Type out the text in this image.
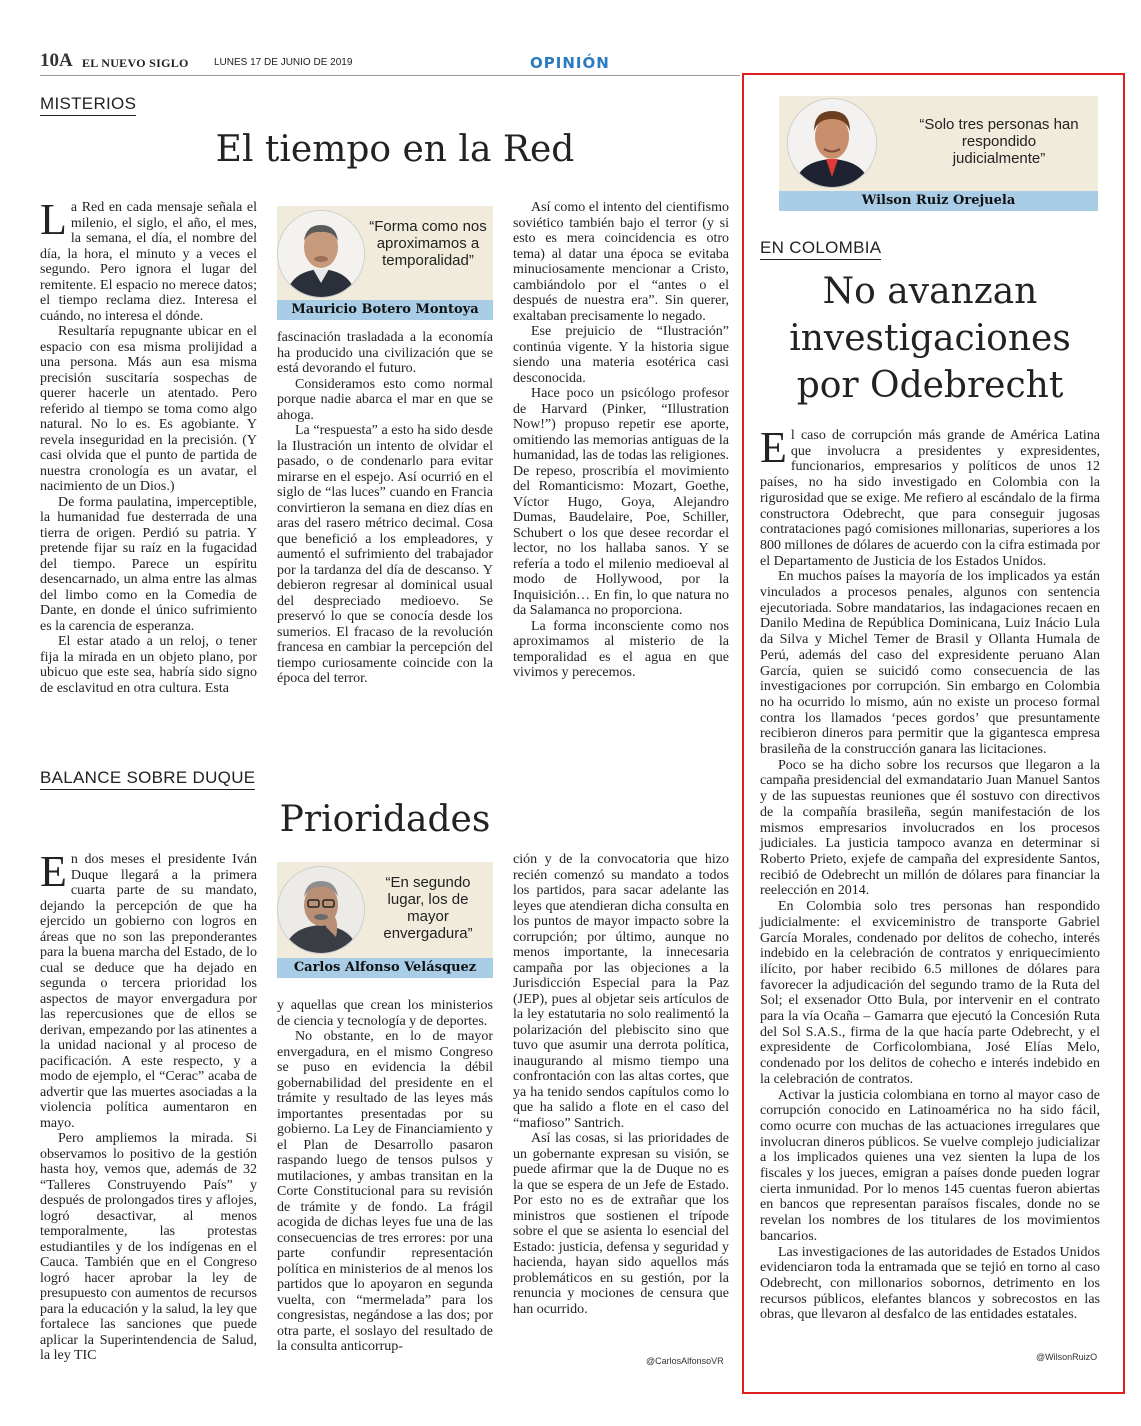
10A EL NUEVO SIGLO	LUNES 17 DE JUNIO DE 2019	OPINIÓN
MISTERIOS
El tiempo en la Red

La Red en cada mensaje señala el milenio, el siglo, el año, el mes, la semana, el día, el nombre del día, la hora, el minuto y a veces el segundo. Pero ignora el lugar del remitente. El espacio no merece datos; el tiempo reclama diez. Interesa el cuándo, no interesa el dónde.

Resultaría repugnante ubicar en el espacio con esa misma prolijidad a una persona. Más aun esa misma precisión suscitaría sospechas de querer hacerle un atentado. Pero referido al tiempo se toma como algo natural. No lo es. Es agobiante. Y revela inseguridad en la precisión. (Y casi olvida que el punto de partida de nuestra cronología es un avatar, el nacimiento de un Dios.)

De forma paulatina, imperceptible, la humanidad fue desterrada de una tierra de origen. Perdió su patria. Y pretende fijar su raíz en la fugacidad del tiempo. Parece un espíritu desencarnado, un alma entre las almas del limbo como en la Comedia de Dante, en donde el único sufrimiento es la carencia de esperanza.

El estar atado a un reloj, o tener fija la mirada en un objeto plano, por ubicuo que este sea, habría sido signo de esclavitud en otra cultura. Esta

“Forma como nos aproximamos a temporalidad”
Mauricio Botero Montoya

fascinación trasladada a la economía ha producido una civilización que se está devorando el futuro.

Consideramos esto como normal porque nadie abarca el mar en que se ahoga.

La “respuesta” a esto ha sido desde la Ilustración un intento de olvidar el pasado, o de condenarlo para evitar mirarse en el espejo. Así ocurrió en el siglo de “las luces” cuando en Francia convirtieron la semana en diez días en aras del rasero métrico decimal. Cosa que benefició a los empleadores, y aumentó el sufrimiento del trabajador por la tardanza del día de descanso. Y debieron regresar al dominical usual del despreciado medioevo. Se preservó lo que se conocía desde los sumerios. El fracaso de la revolución francesa en cambiar la percepción del tiempo curiosamente coincide con la época del terror.

Así como el intento del cientifismo soviético también bajo el terror (y si esto es mera coincidencia es otro tema) al datar una época se evitaba minuciosamente mencionar a Cristo, cambiándolo por el “antes o el después de nuestra era”. Sin querer, exaltaban precisamente lo negado.

Ese prejuicio de “Ilustración” continúa vigente. Y la historia sigue siendo una materia esotérica casi desconocida.

Hace poco un psicólogo profesor de Harvard (Pinker, “Illustration Now!”) propuso repetir ese aporte, omitiendo las memorias antiguas de la humanidad, las de todas las religiones. De repeso, proscribía el movimiento del Romanticismo: Mozart, Goethe, Víctor Hugo, Goya, Alejandro Dumas, Baudelaire, Poe, Schiller, Schubert o los que desee recordar el lector, no los hallaba sanos. Y se refería a todo el milenio medioeval al modo de Hollywood, por la Inquisición… En fin, lo que natura no da Salamanca no proporciona.

La forma inconsciente como nos aproximamos al misterio de la temporalidad es el agua en que vivimos y perecemos.

BALANCE SOBRE DUQUE
Prioridades

En dos meses el presidente Iván Duque llegará a la primera cuarta parte de su mandato, dejando la percepción de que ha ejercido un gobierno con logros en áreas que no son las preponderantes para la buena marcha del Estado, de lo cual se deduce que ha dejado en segunda o tercera prioridad los aspectos de mayor envergadura por las repercusiones que de ellos se derivan, empezando por las atinentes a la unidad nacional y al proceso de pacificación. A este respecto, y a modo de ejemplo, el “Cerac” acaba de advertir que las muertes asociadas a la violencia política aumentaron en mayo.

Pero ampliemos la mirada. Si observamos lo positivo de la gestión hasta hoy, vemos que, además de 32 “Talleres Construyendo País” y después de prolongados tires y aflojes, logró desactivar, al menos temporalmente, las protestas estudiantiles y de los indígenas en el Cauca. También que en el Congreso logró hacer aprobar la ley de presupuesto con aumentos de recursos para la educación y la salud, la ley que fortalece las sanciones que puede aplicar la Superintendencia de Salud, la ley TIC

“En segundo lugar, los de mayor envergadura”
Carlos Alfonso Velásquez

y aquellas que crean los ministerios de ciencia y tecnología y de deportes.

No obstante, en lo de mayor envergadura, en el mismo Congreso se puso en evidencia la débil gobernabilidad del presidente en el trámite y resultado de las leyes más importantes presentadas por su gobierno. La Ley de Financiamiento y el Plan de Desarrollo pasaron raspando luego de tensos pulsos y mutilaciones, y ambas transitan en la Corte Constitucional para su revisión de trámite y de fondo. La frágil acogida de dichas leyes fue una de las consecuencias de tres errores: por una parte confundir representación política en ministerios de al menos los partidos que lo apoyaron en segunda vuelta, con “mermelada” para los congresistas, negándose a las dos; por otra parte, el soslayo del resultado de la consulta anticorrup-

ción y de la convocatoria que hizo recién comenzó su mandato a todos los partidos, para sacar adelante las leyes que atendieran dicha consulta en los puntos de mayor impacto sobre la corrupción; por último, aunque no menos importante, la innecesaria campaña por las objeciones a la Jurisdicción Especial para la Paz (JEP), pues al objetar seis artículos de la ley estatutaria no solo realimentó la polarización del plebiscito sino que tuvo que asumir una derrota política, inaugurando al mismo tiempo una confrontación con las altas cortes, que ya ha tenido sendos capítulos como lo que ha salido a flote en el caso del “mafioso” Santrich.

Así las cosas, si las prioridades de un gobernante expresan su visión, se puede afirmar que la de Duque no es la que se espera de un Jefe de Estado. Por esto no es de extrañar que los ministros que sostienen el trípode sobre el que se asienta lo esencial del Estado: justicia, defensa y seguridad y hacienda, hayan sido aquellos más problemáticos en su gestión, por la renuncia y mociones de censura que han ocurrido.

@CarlosAlfonsoVR
“Solo tres personas han respondido judicialmente”
Wilson Ruiz Orejuela
EN COLOMBIA
No avanzan
investigaciones
por Odebrecht

El caso de corrupción más grande de América Latina que involucra a presidentes y expresidentes, funcionarios, empresarios y políticos de unos 12 países, no ha sido investigado en Colombia con la rigurosidad que se exige. Me refiero al escándalo de la firma constructora Odebrecht, que para conseguir jugosas contrataciones pagó comisiones millonarias, superiores a los 800 millones de dólares de acuerdo con la cifra estimada por el Departamento de Justicia de los Estados Unidos.

En muchos países la mayoría de los implicados ya están vinculados a procesos penales, algunos con sentencia ejecutoriada. Sobre mandatarios, las indagaciones recaen en Danilo Medina de República Dominicana, Luiz Inácio Lula da Silva y Michel Temer de Brasil y Ollanta Humala de Perú, además del caso del expresidente peruano Alan García, quien se suicidó como consecuencia de las investigaciones por corrupción. Sin embargo en Colombia no ha ocurrido lo mismo, aún no existe un proceso formal contra los llamados ‘peces gordos’ que presuntamente recibieron dineros para permitir que la gigantesca empresa brasileña de la construcción ganara las licitaciones.

Poco se ha dicho sobre los recursos que llegaron a la campaña presidencial del exmandatario Juan Manuel Santos y de las supuestas reuniones que él sostuvo con directivos de la compañía brasileña, según manifestación de los mismos empresarios involucrados en los procesos judiciales. La justicia tampoco avanza en determinar si Roberto Prieto, exjefe de campaña del expresidente Santos, recibió de Odebrecht un millón de dólares para financiar la reelección en 2014.

En Colombia solo tres personas han respondido judicialmente: el exviceministro de transporte Gabriel García Morales, condenado por delitos de cohecho, interés indebido en la celebración de contratos y enriquecimiento ilícito, por haber recibido 6.5 millones de dólares para favorecer la adjudicación del segundo tramo de la Ruta del Sol; el exsenador Otto Bula, por intervenir en el contrato para la vía Ocaña – Gamarra que ejecutó la Concesión Ruta del Sol S.A.S., firma de la que hacía parte Odebrecht, y el expresidente de Corficolombiana, José Elías Melo, condenado por los delitos de cohecho e interés indebido en la celebración de contratos.

Activar la justicia colombiana en torno al mayor caso de corrupción conocido en Latinoamérica no ha sido fácil, como ocurre con muchas de las actuaciones irregulares que involucran dineros públicos. Se vuelve complejo judicializar a los implicados quienes una vez sienten la lupa de los fiscales y los jueces, emigran a países donde pueden lograr cierta inmunidad. Por lo menos 145 cuentas fueron abiertas en bancos que representan paraísos fiscales, donde no se revelan los nombres de los titulares de los movimientos bancarios.

Las investigaciones de las autoridades de Estados Unidos evidenciaron toda la entramada que se tejió en torno al caso Odebrecht, con millonarios sobornos, detrimento en los recursos públicos, elefantes blancos y sobrecostos en las obras, que llevaron al desfalco de las entidades estatales.

@WilsonRuizO
